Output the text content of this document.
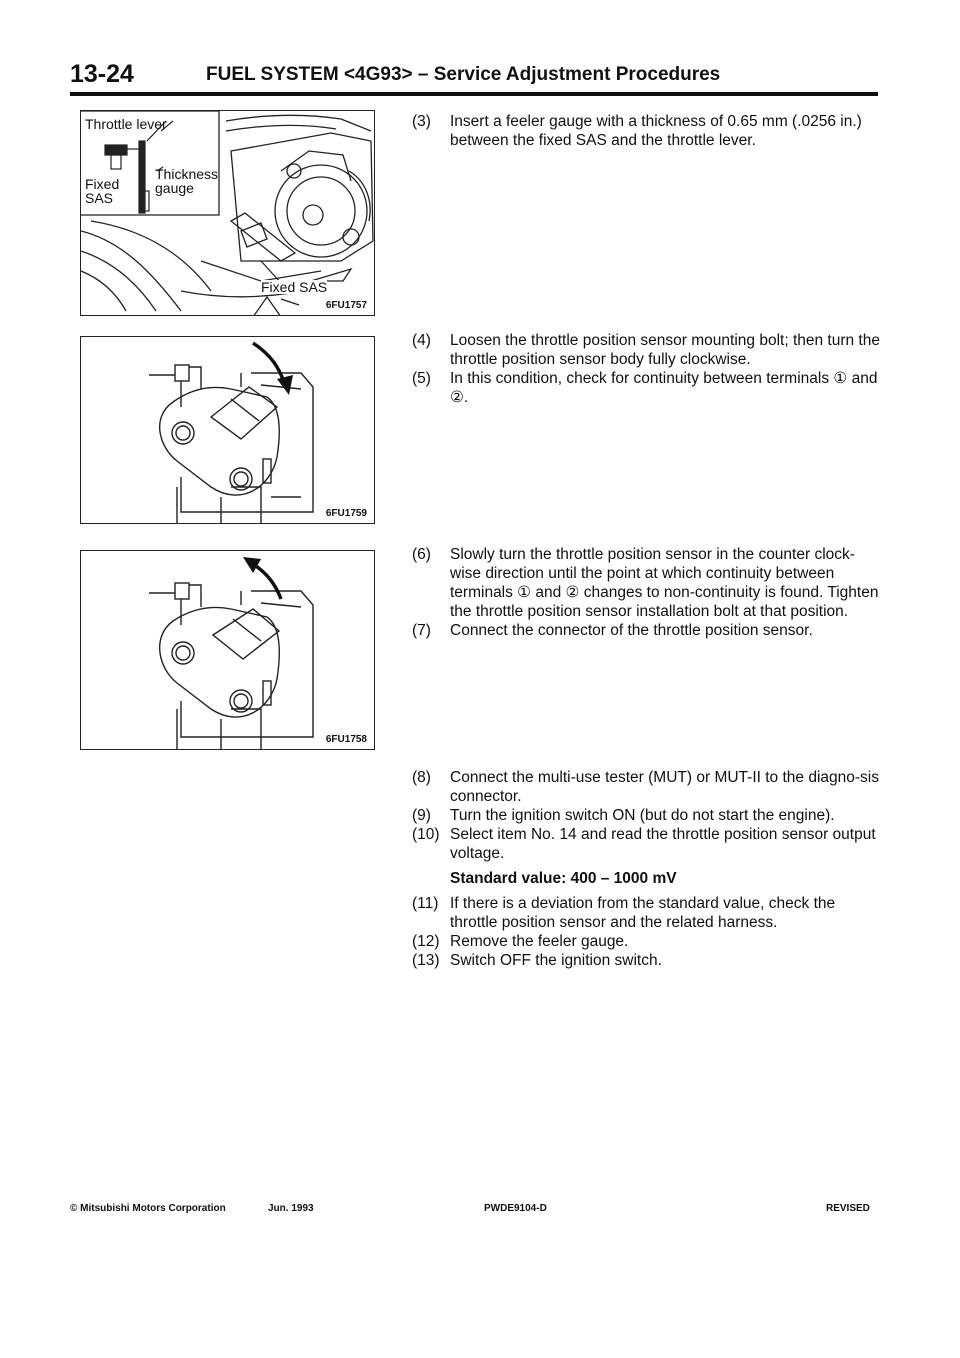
13-24	FUEL SYSTEM <4G93> – Service Adjustment Procedures
Throttle lever
Thickness gauge
Fixed SAS
Fixed SAS
6FU1757
6FU1759
6FU1758
(3)	Insert a feeler gauge with a thickness of 0.65 mm (.0256 in.) between the fixed SAS and the throttle lever.
(4)	Loosen the throttle position sensor mounting bolt; then turn the throttle position sensor body fully clockwise.
(5)	In this condition, check for continuity between terminals ① and ②.
(6)	Slowly turn the throttle position sensor in the counter clock-wise direction until the point at which continuity between terminals ① and ② changes to non-continuity is found. Tighten the throttle position sensor installation bolt at that position.
(7)	Connect the connector of the throttle position sensor.
(8)	Connect the multi-use tester (MUT) or MUT-II to the diagno-sis connector.
(9)	Turn the ignition switch ON (but do not start the engine).
(10) Select item No. 14 and read the throttle position sensor output voltage.
Standard value: 400 – 1000 mV
(11) If there is a deviation from the standard value, check the throttle position sensor and the related harness.
(12) Remove the feeler gauge.
(13) Switch OFF the ignition switch.
© Mitsubishi Motors Corporation	Jun. 1993	PWDE9104-D	REVISED
